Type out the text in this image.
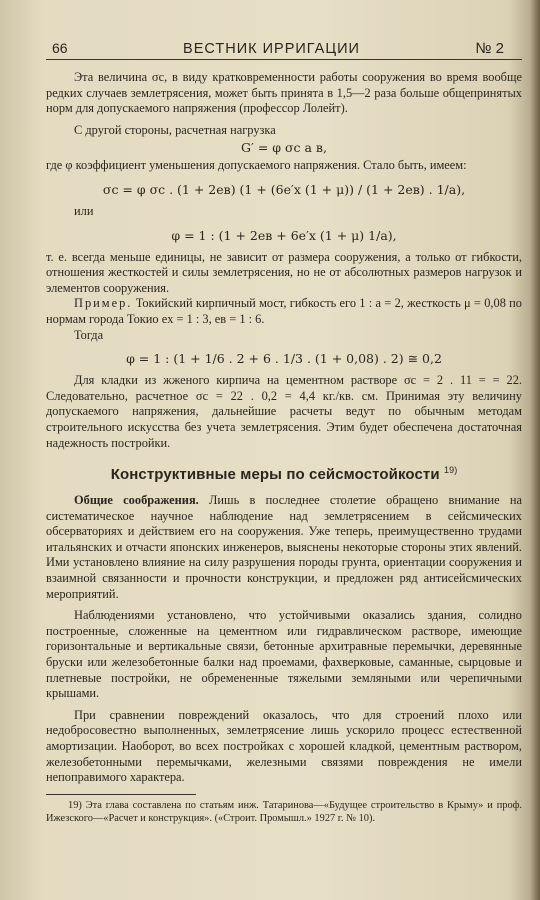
66	ВЕСТНИК ИРРИГАЦИИ	№ 2

Эта величина σс, в виду кратковременности работы сооружения во время вообще редких случаев землетрясения, может быть принята в 1,5—2 раза больше общепринятых норм для допускаемого напряжения (профессор Лолейт).

С другой стороны, расчетная нагрузка

G′ = φ σс a в,

где φ коэффициент уменьшения допускаемого напряжения. Стало быть, имеем:

σс = φ σс . (1 + 2eв) (1 + (6e′x (1 + μ)) / (1 + 2eв) . 1/a),

или

φ = 1 : (1 + 2eв + 6e′x (1 + μ) 1/a),

т. е. всегда меньше единицы, не зависит от размера сооружения, а только от гибкости, отношения жесткостей и силы землетрясения, но не от абсолютных размеров нагрузок и элементов сооружения.

Пример. Токийский кирпичный мост, гибкость его 1 : а = 2, жесткость μ = 0,08 по нормам города Токио ex = 1 : 3, eв = 1 : 6.

Тогда

φ = 1 : (1 + 1/6 . 2 + 6 . 1/3 . (1 + 0,08) . 2) ≅ 0,2

Для кладки из жженого кирпича на цементном растворе σс = 2 . 11 = = 22. Следовательно, расчетное σс = 22 . 0,2 = 4,4 кг./кв. см. Принимая эту величину допускаемого напряжения, дальнейшие расчеты ведут по обычным методам строительного искусства без учета землетрясения. Этим будет обеспечена достаточная надежность постройки.

Конструктивные меры по сейсмостойкости $^{19)}$

Общие соображения. Лишь в последнее столетие обращено внимание на систематическое научное наблюдение над землетрясением в сейсмических обсерваториях и действием его на сооружения. Уже теперь, преимущественно трудами итальянских и отчасти японских инженеров, выяснены некоторые стороны этих явлений. Ими установлено влияние на силу разрушения породы грунта, ориентации сооружения и взаимной связанности и прочности конструкции, и предложен ряд антисейсмических мероприятий.

Наблюдениями установлено, что устойчивыми оказались здания, солидно построенные, сложенные на цементном или гидравлическом растворе, имеющие горизонтальные и вертикальные связи, бетонные архитравные перемычки, деревянные бруски или железобетонные балки над проемами, фахверковые, саманные, сырцовые и плетневые постройки, не обремененные тяжелыми земляными или черепичными крышами.

При сравнении повреждений оказалось, что для строений плохо или недобросовестно выполненных, землетрясение лишь ускорило процесс естественной амортизации. Наоборот, во всех постройках с хорошей кладкой, цементным раствором, железобетонными перемычками, железными связями повреждения не имели непоправимого характера.

19) Эта глава составлена по статьям инж. Татаринова—«Будущее строительство в Крыму» и проф. Ижезского—«Расчет и конструкция». («Строит. Промышл.» 1927 г. № 10).
